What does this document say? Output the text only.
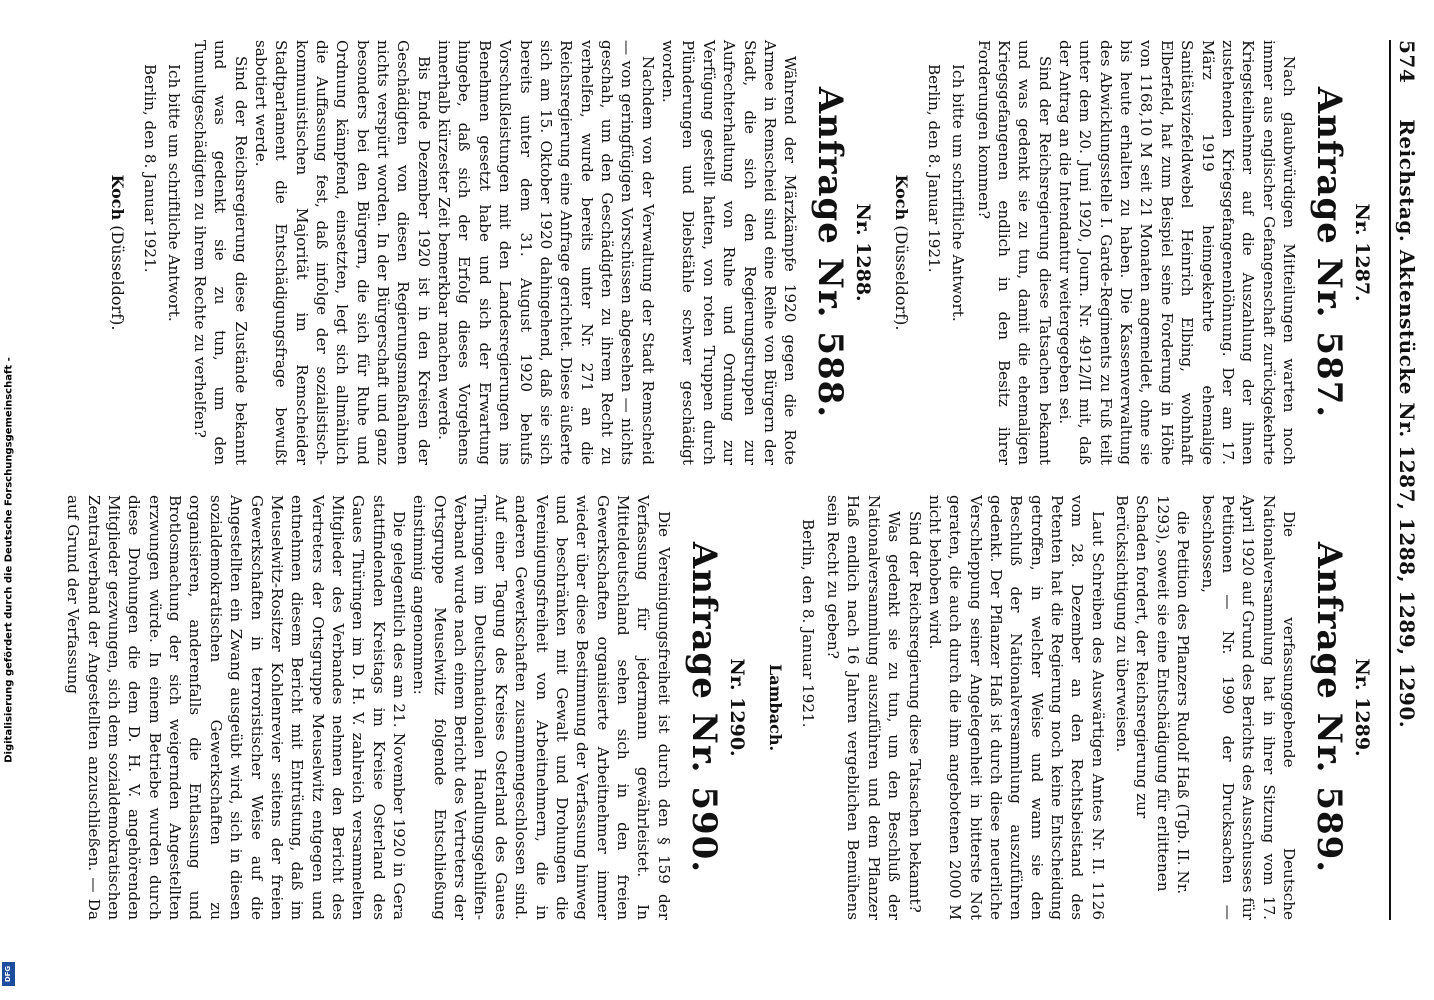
Digitalisierung gefördert durch die Deutsche Forschungsgemeinschaft -
DFG
574
Reichstag. Aktenstücke Nr. 1287, 1288, 1289, 1290.
Nr. 1287.
Anfrage Nr. 587.

Nach glaubwürdigen Mitteilungen warten noch immer aus englischer Gefangenschaft zurückgekehrte Kriegsteilnehmer auf die Auszahlung der ihnen zustehenden Kriegsgefangenenlöhnung. Der am 17. März 1919 heimgekehrte ehemalige Sanitätsvizefeldwebel Heinrich Elbing, wohnhaft Elberfeld, hat zum Beispiel seine Forderung in Höhe von 1168,10 M seit 21 Monaten angemeldet, ohne sie bis heute erhalten zu haben. Die Kassenverwaltung des Abwicklungsstelle I. Garde-Regiments zu Fuß teilt unter dem 20. Juni 1920, Journ. Nr. 4912/II mit, daß der Antrag an die Intendantur weitergegeben sei.

Sind der Reichsregierung diese Tatsachen bekannt und was gedenkt sie zu tun, damit die ehemaligen Kriegsgefangenen endlich in den Besitz ihrer Forderungen kommen?

Ich bitte um schriftliche Antwort.
Berlin, den 8. Januar 1921.
Koch (Düsseldorf).
Nr. 1288.
Anfrage Nr. 588.

Während der Märzkämpfe 1920 gegen die Rote Armee in Remscheid sind eine Reihe von Bürgern der Stadt, die sich den Regierungstruppen zur Aufrechterhaltung von Ruhe und Ordnung zur Verfügung gestellt hatten, von roten Truppen durch Plünderungen und Diebstähle schwer geschädigt worden.

Nachdem von der Verwaltung der Stadt Remscheid — von geringfügigen Vorschüssen abgesehen — nichts geschah, um den Geschädigten zu ihrem Recht zu verhelfen, wurde bereits unter Nr. 271 an die Reichsregierung eine Anfrage gerichtet. Diese äußerte sich am 15. Oktober 1920 dahingehend, daß sie sich bereits unter dem 31. August 1920 behufs Vorschußleistungen mit den Landesregierungen ins Benehmen gesetzt habe und sich der Erwartung hingebe, daß sich der Erfolg dieses Vorgehens innerhalb kürzester Zeit bemerkbar machen werde.

Bis Ende Dezember 1920 ist in den Kreisen der Geschädigten von diesen Regierungsmaßnahmen nichts verspürt worden. In der Bürgerschaft und ganz besonders bei den Bürgern, die sich für Ruhe und Ordnung kämpfend, einsetzten, legt sich allmählich die Auffassung fest, daß infolge der sozialistisch-kommunistischen Majorität im Remscheider Stadtparlament die Entschädigungsfrage bewußt sabotiert werde.

Sind der Reichsregierung diese Zustände bekannt und was gedenkt sie zu tun, um den Tumultgeschädigten zu ihrem Rechte zu verhelfen?

Ich bitte um schriftliche Antwort.
Berlin, den 8. Januar 1921.
Koch (Düsseldorf).
Nr. 1289.
Anfrage Nr. 589.

Die verfassunggebende Deutsche Nationalversammlung hat in ihrer Sitzung vom 17. April 1920 auf Grund des Berichts des Ausschusses für Petitionen — Nr. 1990 der Drucksachen — beschlossen,

die Petition des Pflanzers Rudolf Haß (Tgb. II. Nr. 1293), soweit sie eine Entschädigung für erlittenen Schaden fordert, der Reichsregierung zur Berücksichtigung zu überweisen.

Laut Schreiben des Auswärtigen Amtes Nr. II. 1126 vom 28. Dezember an den Rechtsbeistand des Petenten hat die Regierung noch keine Entscheidung getroffen, in welcher Weise und wann sie den Beschluß der Nationalversammlung auszuführen gedenkt. Der Pflanzer Haß ist durch diese neuerliche Verschleppung seiner Angelegenheit in bitterste Not geraten, die auch durch die ihm angebotenen 2000 M nicht behoben wird.

Sind der Reichsregierung diese Tatsachen bekannt?

Was gedenkt sie zu tun, um den Beschluß der Nationalversammlung auszuführen und dem Pflanzer Haß endlich nach 16 Jahren vergeblichen Bemühens sein Recht zu geben?

Berlin, den 8. Januar 1921.
Lambach.
Nr. 1290.
Anfrage Nr. 590.

Die Vereinigungsfreiheit ist durch den § 159 der Verfassung für jedermann gewährleistet. In Mitteldeutschland sehen sich in den freien Gewerkschaften organisierte Arbeitnehmer immer wieder über diese Bestimmung der Verfassung hinweg und beschränken mit Gewalt und Drohungen die Vereinigungsfreiheit von Arbeitnehmern, die in anderen Gewerkschaften zusammengeschlossen sind. Auf einer Tagung des Kreises Osterland des Gaues Thüringen im Deutschnationalen Handlungsgehilfen-Verband wurde nach einem Bericht des Vertreters der Ortsgruppe Meuselwitz folgende Entschließung einstimmig angenommen:

Die gelegentlich des am 21. November 1920 in Gera stattfindenden Kreistags im Kreise Osterland des Gaues Thüringen im D. H. V. zahlreich versammelten Mitglieder des Verbandes nehmen den Bericht des Vertreters der Ortsgruppe Meuselwitz entgegen und entnehmen diesem Bericht mit Entrüstung, daß im Meuselwitz-Rositzer Kohlenrevier seitens der freien Gewerkschaften in terroristischer Weise auf die Angestellten ein Zwang ausgeübt wird, sich in diesen sozialdemokratischen Gewerkschaften zu organisieren, anderenfalls die Entlassung und Brotlosmachung der sich weigernden Angestellten erzwungen würde. In einem Betriebe wurden durch diese Drohungen die dem D. H. V. angehörenden Mitglieder gezwungen, sich dem sozialdemokratischen Zentralverband der Angestellten anzuschließen. — Da auf Grund der Verfassung
